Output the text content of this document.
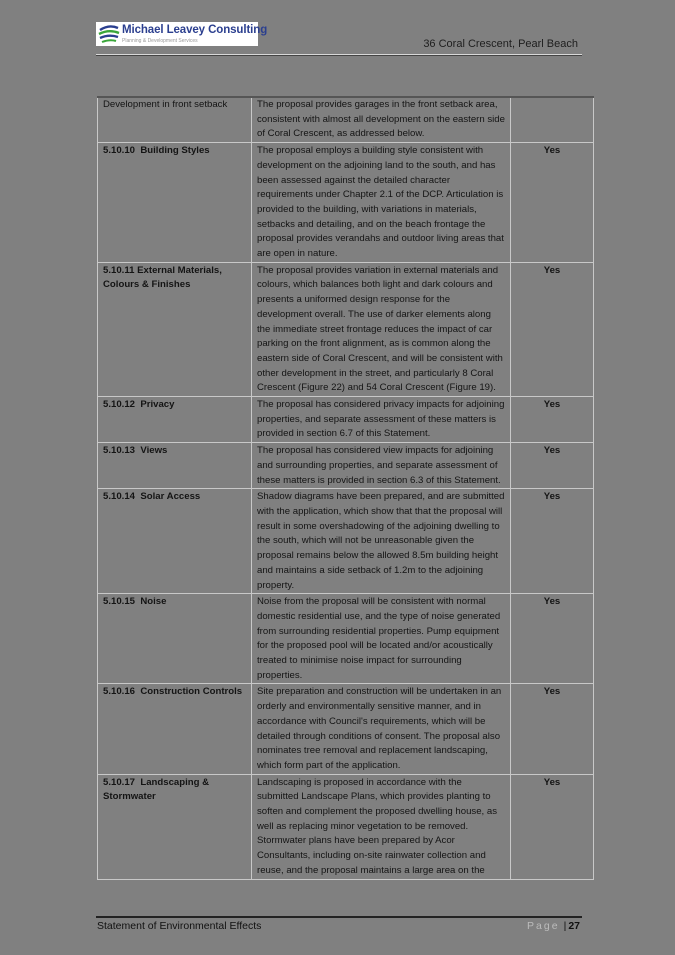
Michael Leavey Consulting
Planning & Development Services	36 Coral Crescent, Pearl Beach
Development in front setback	The proposal provides garages in the front setback area, consistent with almost all development on the eastern side of Coral Crescent, as addressed below.	
5.10.10  Building Styles	The proposal employs a building style consistent with development on the adjoining land to the south, and has been assessed against the detailed character requirements under Chapter 2.1 of the DCP. Articulation is provided to the building, with variations in materials, setbacks and detailing, and on the beach frontage the proposal provides verandahs and outdoor living areas that are open in nature.	Yes
5.10.11 External Materials, Colours & Finishes	The proposal provides variation in external materials and colours, which balances both light and dark colours and presents a uniformed design response for the development overall. The use of darker elements along the immediate street frontage reduces the impact of car parking on the front alignment, as is common along the eastern side of Coral Crescent, and will be consistent with other development in the street, and particularly 8 Coral Crescent (Figure 22) and 54 Coral Crescent (Figure 19).	Yes
5.10.12  Privacy	The proposal has considered privacy impacts for adjoining properties, and separate assessment of these matters is provided in section 6.7 of this Statement.	Yes
5.10.13  Views	The proposal has considered view impacts for adjoining and surrounding properties, and separate assessment of these matters is provided in section 6.3 of this Statement.	Yes
5.10.14  Solar Access	Shadow diagrams have been prepared, and are submitted with the application, which show that that the proposal will result in some overshadowing of the adjoining dwelling to the south, which will not be unreasonable given the proposal remains below the allowed 8.5m building height and maintains a side setback of 1.2m to the adjoining property.	Yes
5.10.15  Noise	Noise from the proposal will be consistent with normal domestic residential use, and the type of noise generated from surrounding residential properties. Pump equipment for the proposed pool will be located and/or acoustically treated to minimise noise impact for surrounding properties.	Yes
5.10.16  Construction Controls	Site preparation and construction will be undertaken in an orderly and environmentally sensitive manner, and in accordance with Council's requirements, which will be detailed through conditions of consent. The proposal also nominates tree removal and replacement landscaping, which form part of the application.	Yes
5.10.17  Landscaping & Stormwater	Landscaping is proposed in accordance with the submitted Landscape Plans, which provides planting to soften and complement the proposed dwelling house, as well as replacing minor vegetation to be removed. Stormwater plans have been prepared by Acor Consultants, including on-site rainwater collection and reuse, and the proposal maintains a large area on the	Yes
Statement of Environmental Effects	Page | 27
